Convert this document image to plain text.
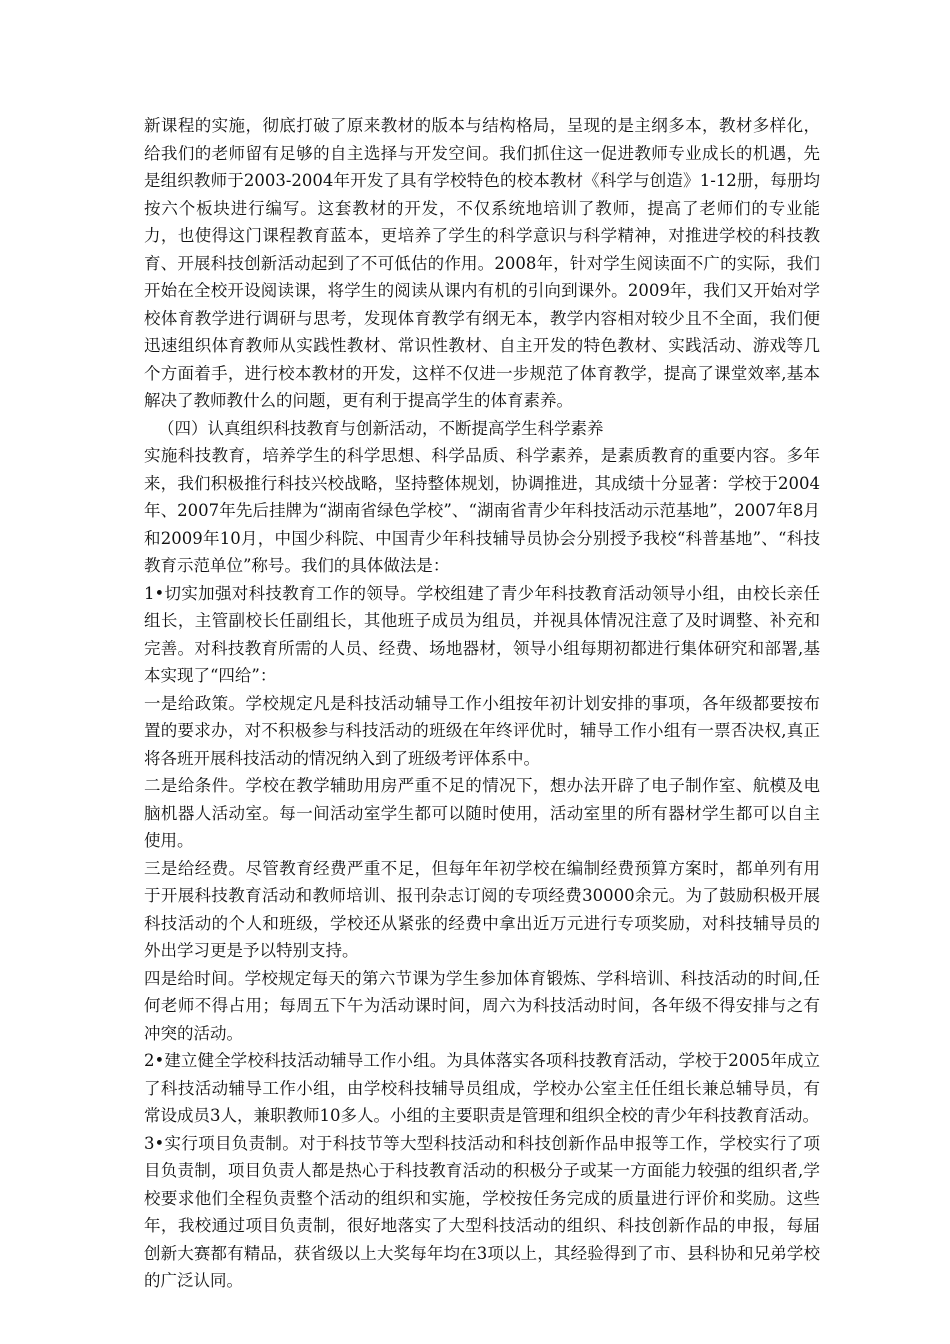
新课程的实施，彻底打破了原来教材的版本与结构格局，呈现的是主纲多本，教材多样化，给我们的老师留有足够的自主选择与开发空间。我们抓住这一促进教师专业成长的机遇，先是组织教师于2003-2004年开发了具有学校特色的校本教材《科学与创造》1-12册，每册均按六个板块进行编写。这套教材的开发，不仅系统地培训了教师，提高了老师们的专业能力，也使得这门课程教育蓝本，更培养了学生的科学意识与科学精神，对推进学校的科技教育、开展科技创新活动起到了不可低估的作用。2008年，针对学生阅读面不广的实际，我们开始在全校开设阅读课，将学生的阅读从课内有机的引向到课外。2009年，我们又开始对学校体育教学进行调研与思考，发现体育教学有纲无本，教学内容相对较少且不全面，我们便迅速组织体育教师从实践性教材、常识性教材、自主开发的特色教材、实践活动、游戏等几个方面着手，进行校本教材的开发，这样不仅进一步规范了体育教学，提高了课堂效率,基本解决了教师教什么的问题，更有利于提高学生的体育素养。

（四）认真组织科技教育与创新活动，不断提高学生科学素养

实施科技教育，培养学生的科学思想、科学品质、科学素养，是素质教育的重要内容。多年来，我们积极推行科技兴校战略，坚持整体规划，协调推进，其成绩十分显著：学校于2004年、2007年先后挂牌为“湖南省绿色学校”、“湖南省青少年科技活动示范基地”，2007年8月和2009年10月，中国少科院、中国青少年科技辅导员协会分别授予我校“科普基地”、“科技教育示范单位”称号。我们的具体做法是：

1•切实加强对科技教育工作的领导。学校组建了青少年科技教育活动领导小组，由校长亲任组长，主管副校长任副组长，其他班子成员为组员，并视具体情况注意了及时调整、补充和完善。对科技教育所需的人员、经费、场地器材，领导小组每期初都进行集体研究和部署,基本实现了“四给”：

一是给政策。学校规定凡是科技活动辅导工作小组按年初计划安排的事项，各年级都要按布置的要求办，对不积极参与科技活动的班级在年终评优时，辅导工作小组有一票否决权,真正将各班开展科技活动的情况纳入到了班级考评体系中。

二是给条件。学校在教学辅助用房严重不足的情况下，想办法开辟了电子制作室、航模及电脑机器人活动室。每一间活动室学生都可以随时使用，活动室里的所有器材学生都可以自主使用。

三是给经费。尽管教育经费严重不足，但每年年初学校在编制经费预算方案时，都单列有用于开展科技教育活动和教师培训、报刊杂志订阅的专项经费30000余元。为了鼓励积极开展科技活动的个人和班级，学校还从紧张的经费中拿出近万元进行专项奖励，对科技辅导员的外出学习更是予以特别支持。

四是给时间。学校规定每天的第六节课为学生参加体育锻炼、学科培训、科技活动的时间,任何老师不得占用；每周五下午为活动课时间，周六为科技活动时间，各年级不得安排与之有冲突的活动。

2•建立健全学校科技活动辅导工作小组。为具体落实各项科技教育活动，学校于2005年成立了科技活动辅导工作小组，由学校科技辅导员组成，学校办公室主任任组长兼总辅导员，有常设成员3人，兼职教师10多人。小组的主要职责是管理和组织全校的青少年科技教育活动。

3•实行项目负责制。对于科技节等大型科技活动和科技创新作品申报等工作，学校实行了项目负责制，项目负责人都是热心于科技教育活动的积极分子或某一方面能力较强的组织者,学校要求他们全程负责整个活动的组织和实施，学校按任务完成的质量进行评价和奖励。这些年，我校通过项目负责制，很好地落实了大型科技活动的组织、科技创新作品的申报，每届创新大赛都有精品，获省级以上大奖每年均在3项以上，其经验得到了市、县科协和兄弟学校的广泛认同。
